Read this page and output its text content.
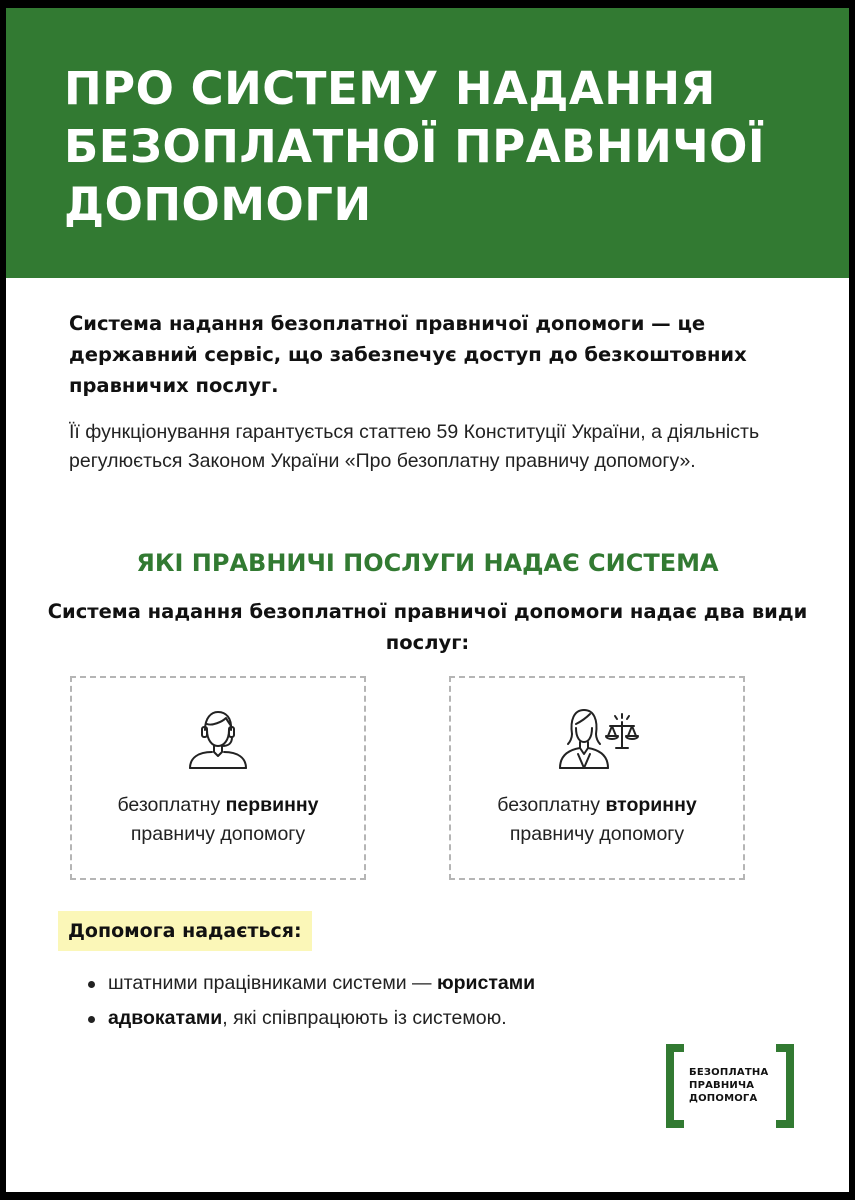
ПРО СИСТЕМУ НАДАННЯ БЕЗОПЛАТНОЇ ПРАВНИЧОЇ ДОПОМОГИ

Система надання безоплатної правничої допомоги — це державний сервіс, що забезпечує доступ до безкоштовних правничих послуг.

Її функціонування гарантується статтею 59 Конституції України, а діяльність регулюється Законом України «Про безоплатну правничу допомогу».

ЯКІ ПРАВНИЧІ ПОСЛУГИ НАДАЄ СИСТЕМА

Система надання безоплатної правничої допомоги надає два види послуг:

безоплатну первинну
правничу допомогу

безоплатну вторинну
правничу допомогу

Допомога надається:
штатними працівниками системи — юристами
адвокатами, які співпрацюють із системою.
БЕЗОПЛАТНА
ПРАВНИЧА
ДОПОМОГА
